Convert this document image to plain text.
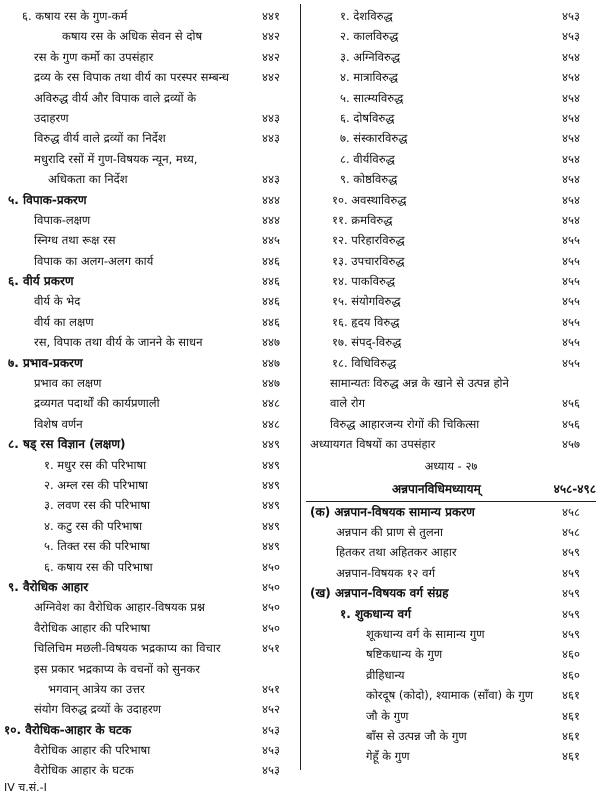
६. कषाय रस के गुण-कर्म	४४१
कषाय रस के अधिक सेवन से दोष	४४२
रस के गुण कर्मो का उपसंहार	४४२
द्रव्य के रस विपाक तथा वीर्य का परस्पर सम्बन्ध	४४२
अविरुद्ध वीर्य और विपाक वाले द्रव्यों के
उदाहरण	४४३
विरुद्ध वीर्य वाले द्रव्यों का निर्देश	४४३
मधुरादि रसों में गुण-विषयक न्यून, मध्य,
अधिकता का निर्देश	४४३
५. विपाक-प्रकरण	४४४
विपाक-लक्षण	४४४
स्निग्ध तथा रूक्ष रस	४४५
विपाक का अलग-अलग कार्य	४४६
६. वीर्य प्रकरण	४४६
वीर्य के भेद	४४६
वीर्य का लक्षण	४४६
रस, विपाक तथा वीर्य के जानने के साधन	४४७
७. प्रभाव-प्रकरण	४४७
प्रभाव का लक्षण	४४७
द्रव्यगत पदार्थों की कार्यप्रणाली	४४८
विशेष वर्णन	४४८
८. षड् रस विज्ञान (लक्षण)	४४९
१. मधुर रस की परिभाषा	४४९
२. अम्ल रस की परिभाषा	४४९
३. लवण रस की परिभाषा	४४९
४. कटु रस की परिभाषा	४४९
५. तिक्त रस की परिभाषा	४४९
६. कषाय रस की परिभाषा	४५०
९. वैरोधिक आहार	४५०
अग्निवेश का वैरोधिक आहार-विषयक प्रश्न	४५०
वैरोधिक आहार की परिभाषा	४५०
चिलिचिम मछली-विषयक भद्रकाप्य का विचार	४५१
इस प्रकार भद्रकाप्य के वचनों को सुनकर
भगवान् आत्रेय का उत्तर	४५१
संयोग विरुद्ध द्रव्यों के उदाहरण	४५२
१०. वैरोधिक-आहार के घटक	४५३
वैरोधिक आहार की परिभाषा	४५३
वैरोधिक आहार के घटक	४५३
१. देशविरुद्ध	४५३
२. कालविरुद्ध	४५३
३. अग्निविरुद्ध	४५४
४. मात्राविरुद्ध	४५४
५. सात्म्यविरुद्ध	४५४
६. दोषविरुद्ध	४५४
७. संस्कारविरुद्ध	४५४
८. वीर्यविरुद्ध	४५४
९. कोष्ठविरुद्ध	४५४
१०. अवस्थाविरुद्ध	४५४
११. क्रमविरुद्ध	४५४
१२. परिहारविरुद्ध	४५५
१३. उपचारविरुद्ध	४५५
१४. पाकविरुद्ध	४५५
१५. संयोगविरुद्ध	४५५
१६. हृदय विरुद्ध	४५५
१७. संपद्-विरुद्ध	४५५
१८. विधिविरुद्ध	४५५
सामान्यतः विरुद्ध अन्न के खाने से उत्पन्न होने
वाले रोग	४५६
विरुद्ध आहारजन्य रोगों की चिकित्सा	४५६
अध्यायगत विषयों का उपसंहार	४५७
अध्याय - २७
अन्नपानविधिमध्यायम्	४५८-४९८
(क) अन्नपान-विषयक सामान्य प्रकरण	४५८
अन्नपान की प्राण से तुलना	४५८
हितकर तथा अहितकर आहार	४५९
अन्नपान-विषयक १२ वर्ग	४५९
(ख) अन्नपान-विषयक वर्ग संग्रह	४५९
१. शुकधान्य वर्ग	४५९
शूकधान्य वर्ग के सामान्य गुण	४५९
षष्टिकधान्य के गुण	४६०
व्रीहिधान्य	४६०
कोरदूष (कोदो), श्यामाक (साँवा) के गुण	४६१
जौ के गुण	४६१
बाँस से उत्पन्न जौ के गुण	४६१
गेहूँ के गुण	४६१
IV च.सं.-I
